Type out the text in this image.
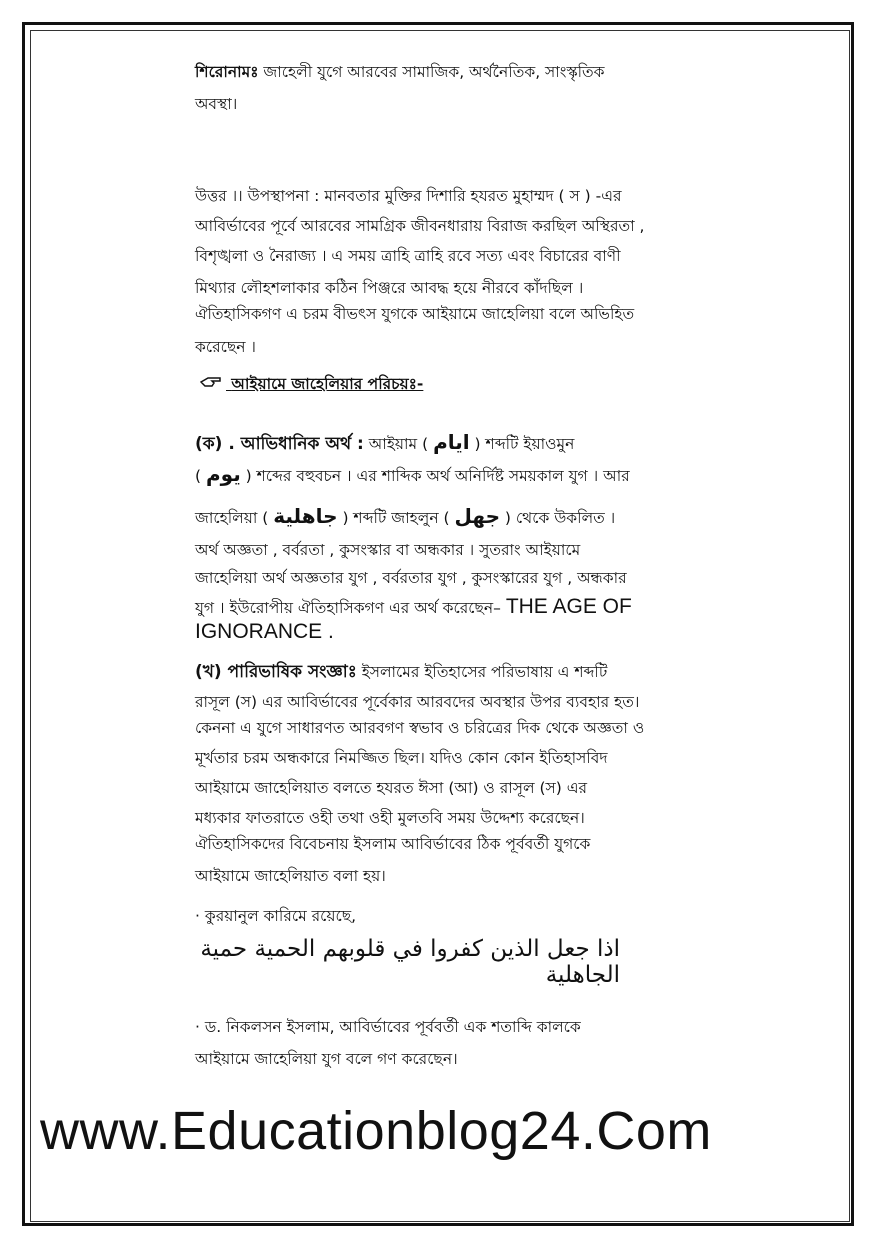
শিরোনামঃ জাহেলী যুগে আরবের সামাজিক, অর্থনৈতিক, সাংস্কৃতিক
অবস্থা।
উত্তর ।। উপস্থাপনা : মানবতার মুক্তির দিশারি হযরত মুহাম্মদ ( স ) -এর
আবির্ভাবের পূর্বে আরবের সামগ্রিক জীবনধারায় বিরাজ করছিল অস্থিরতা ,
বিশৃঙ্খলা ও নৈরাজ্য । এ সময় ত্রাহি ত্রাহি রবে সত্য এবং বিচারের বাণী
মিথ্যার লৌহশলাকার কঠিন পিঞ্জরে আবদ্ধ হয়ে নীরবে কাঁদছিল ।
ঐতিহাসিকগণ এ চরম বীভৎস যুগকে আইয়ামে জাহেলিয়া বলে অভিহিত
করেছেন ।
আইয়ামে জাহেলিয়ার পরিচয়ঃ-
(ক) . আভিধানিক অর্থ : আইয়াম ( ايام ) শব্দটি ইয়াওমুন
( يوم ) শব্দের বহুবচন । এর শাব্দিক অর্থ অনির্দিষ্ট সময়কাল যুগ । আর
জাহেলিয়া ( جاهلية ) শব্দটি জাহলুন ( جهل ) থেকে উকলিত ।
অর্থ অজ্ঞতা , বর্বরতা , কুসংস্কার বা অন্ধকার । সুতরাং আইয়ামে
জাহেলিয়া অর্থ অজ্ঞতার যুগ , বর্বরতার যুগ , কুসংস্কারের যুগ , অন্ধকার
যুগ । ইউরোপীয় ঐতিহাসিকগণ এর অর্থ করেছেন– THE AGE OF
IGNORANCE .
(খ) পারিভাষিক সংজ্ঞাঃ ইসলামের ইতিহাসের পরিভাষায় এ শব্দটি
রাসূল (স) এর আবির্ভাবের পূর্বেকার আরবদের অবস্থার উপর ব্যবহার হত।
কেননা এ যুগে সাধারণত আরবগণ স্বভাব ও চরিত্রের দিক থেকে অজ্ঞতা ও
মূর্খতার চরম অন্ধকারে নিমজ্জিত ছিল। যদিও কোন কোন ইতিহাসবিদ
আইয়ামে জাহেলিয়াত বলতে হযরত ঈসা (আ) ও রাসূল (স) এর
মধ্যকার ফাতরাতে ওহী তথা ওহী মুলতবি সময় উদ্দেশ্য করেছেন।
ঐতিহাসিকদের বিবেচনায় ইসলাম আবির্ভাবের ঠিক পূর্ববর্তী যুগকে
আইয়ামে জাহেলিয়াত বলা হয়।
· কুরয়ানুল কারিমে রয়েছে,
اذا جعل الذين كفروا في قلوبهم الحمية حمية الجاهلية
· ড. নিকলসন ইসলাম, আবির্ভাবের পূর্ববর্তী এক শতাব্দি কালকে
আইয়ামে জাহেলিয়া যুগ বলে গণ করেছেন।
www.Educationblog24.Com
